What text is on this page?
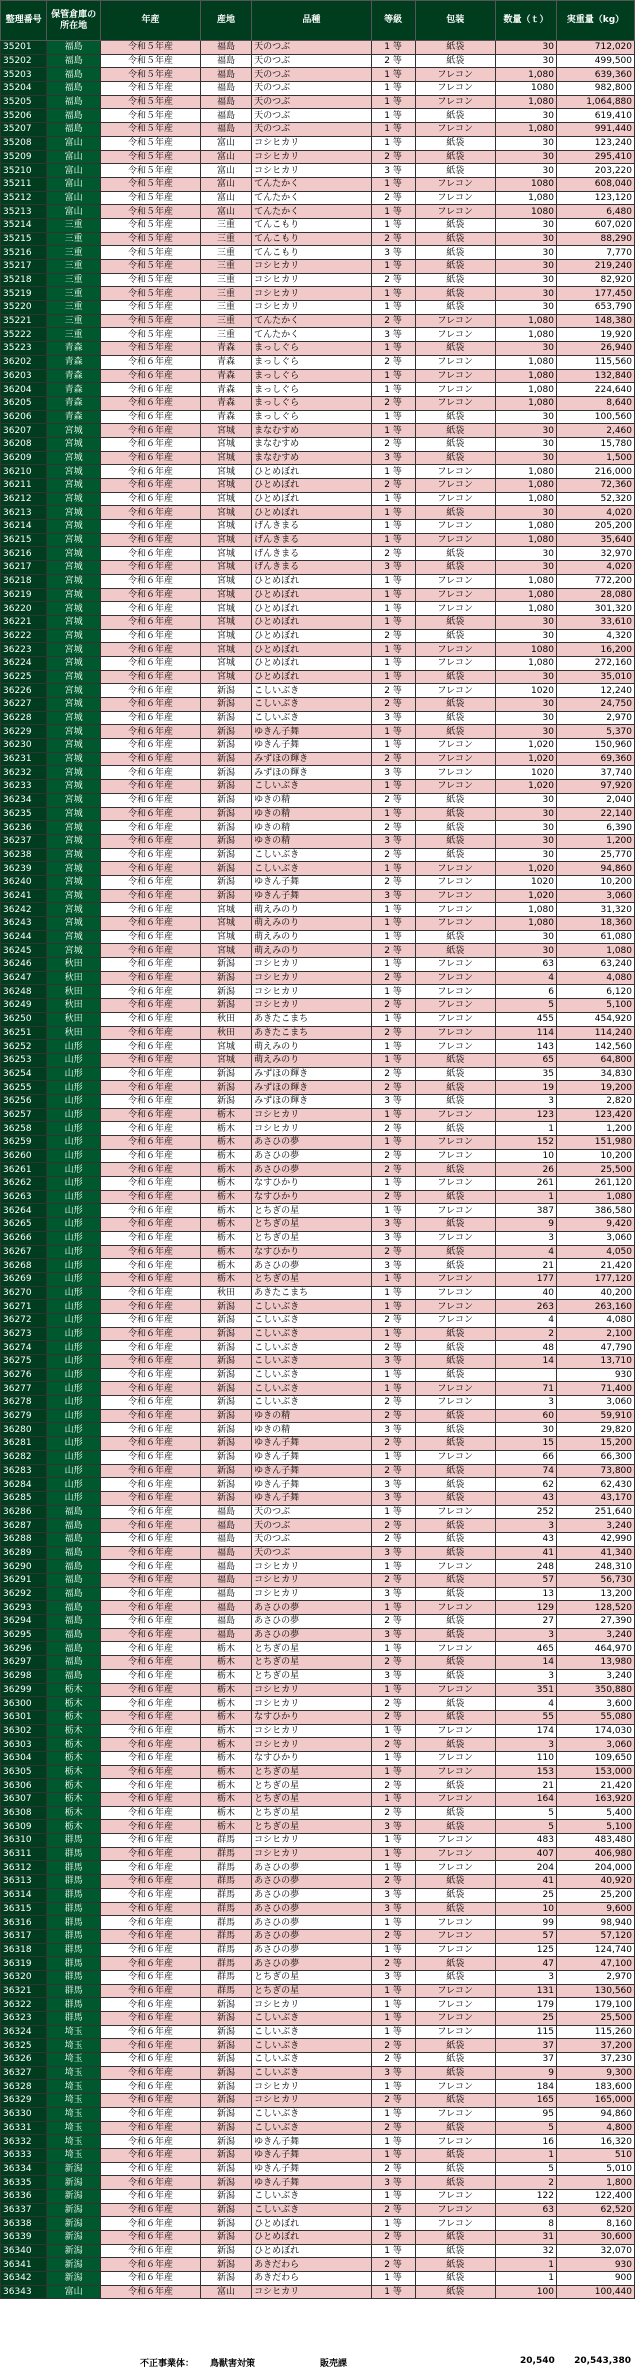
整理番号	保管倉庫の所在地	年産	産地	品種	等級	包装	数量（ｔ）	実重量（kg）
35201	福島	令和５年産	福島	天のつぶ	1 等	紙袋	30	712,020
35202	福島	令和５年産	福島	天のつぶ	2 等	紙袋	30	499,500
35203	福島	令和５年産	福島	天のつぶ	1 等	フレコン	1,080	639,360
35204	福島	令和５年産	福島	天のつぶ	1 等	フレコン	1080	982,800
35205	福島	令和５年産	福島	天のつぶ	1 等	フレコン	1,080	1,064,880
35206	福島	令和５年産	福島	天のつぶ	1 等	紙袋	30	619,410
35207	福島	令和５年産	福島	天のつぶ	1 等	フレコン	1,080	991,440
35208	富山	令和５年産	富山	コシヒカリ	1 等	紙袋	30	123,240
35209	富山	令和５年産	富山	コシヒカリ	2 等	紙袋	30	295,410
35210	富山	令和５年産	富山	コシヒカリ	3 等	紙袋	30	203,220
35211	富山	令和５年産	富山	てんたかく	1 等	フレコン	1080	608,040
35212	富山	令和５年産	富山	てんたかく	2 等	フレコン	1,080	123,120
35213	富山	令和５年産	富山	てんたかく	1 等	フレコン	1080	6,480
35214	三重	令和５年産	三重	てんこもり	1 等	紙袋	30	607,020
35215	三重	令和５年産	三重	てんこもり	2 等	紙袋	30	88,290
35216	三重	令和５年産	三重	てんこもり	3 等	紙袋	30	7,770
35217	三重	令和５年産	三重	コシヒカリ	1 等	紙袋	30	219,240
35218	三重	令和５年産	三重	コシヒカリ	2 等	紙袋	30	82,920
35219	三重	令和５年産	三重	コシヒカリ	1 等	紙袋	30	177,450
35220	三重	令和５年産	三重	コシヒカリ	1 等	紙袋	30	653,790
35221	三重	令和５年産	三重	てんたかく	2 等	フレコン	1,080	148,380
35222	三重	令和５年産	三重	てんたかく	3 等	フレコン	1,080	19,920
35223	青森	令和５年産	青森	まっしぐら	1 等	紙袋	30	26,940
36202	青森	令和６年産	青森	まっしぐら	2 等	フレコン	1,080	115,560
36203	青森	令和６年産	青森	まっしぐら	1 等	フレコン	1,080	132,840
36204	青森	令和６年産	青森	まっしぐら	1 等	フレコン	1,080	224,640
36205	青森	令和６年産	青森	まっしぐら	2 等	フレコン	1,080	8,640
36206	青森	令和６年産	青森	まっしぐら	1 等	紙袋	30	100,560
36207	宮城	令和６年産	宮城	まなむすめ	1 等	紙袋	30	2,460
36208	宮城	令和６年産	宮城	まなむすめ	2 等	紙袋	30	15,780
36209	宮城	令和６年産	宮城	まなむすめ	3 等	紙袋	30	1,500
36210	宮城	令和６年産	宮城	ひとめぼれ	1 等	フレコン	1,080	216,000
36211	宮城	令和６年産	宮城	ひとめぼれ	2 等	フレコン	1,080	72,360
36212	宮城	令和６年産	宮城	ひとめぼれ	1 等	フレコン	1,080	52,320
36213	宮城	令和６年産	宮城	ひとめぼれ	1 等	紙袋	30	4,020
36214	宮城	令和６年産	宮城	げんきまる	1 等	フレコン	1,080	205,200
36215	宮城	令和６年産	宮城	げんきまる	1 等	フレコン	1,080	35,640
36216	宮城	令和６年産	宮城	げんきまる	2 等	紙袋	30	32,970
36217	宮城	令和６年産	宮城	げんきまる	3 等	紙袋	30	4,020
36218	宮城	令和６年産	宮城	ひとめぼれ	1 等	フレコン	1,080	772,200
36219	宮城	令和６年産	宮城	ひとめぼれ	1 等	フレコン	1,080	28,080
36220	宮城	令和６年産	宮城	ひとめぼれ	1 等	フレコン	1,080	301,320
36221	宮城	令和６年産	宮城	ひとめぼれ	1 等	紙袋	30	33,610
36222	宮城	令和６年産	宮城	ひとめぼれ	2 等	紙袋	30	4,320
36223	宮城	令和６年産	宮城	ひとめぼれ	1 等	フレコン	1080	16,200
36224	宮城	令和６年産	宮城	ひとめぼれ	1 等	フレコン	1,080	272,160
36225	宮城	令和６年産	宮城	ひとめぼれ	1 等	紙袋	30	35,010
36226	宮城	令和６年産	新潟	こしいぶき	2 等	フレコン	1020	12,240
36227	宮城	令和６年産	新潟	こしいぶき	2 等	紙袋	30	24,750
36228	宮城	令和６年産	新潟	こしいぶき	3 等	紙袋	30	2,970
36229	宮城	令和６年産	新潟	ゆきん子舞	1 等	紙袋	30	5,370
36230	宮城	令和６年産	新潟	ゆきん子舞	1 等	フレコン	1,020	150,960
36231	宮城	令和６年産	新潟	みずほの輝き	2 等	フレコン	1,020	69,360
36232	宮城	令和６年産	新潟	みずほの輝き	3 等	フレコン	1020	37,740
36233	宮城	令和６年産	新潟	こしいぶき	1 等	フレコン	1,020	97,920
36234	宮城	令和６年産	新潟	ゆきの精	2 等	紙袋	30	2,040
36235	宮城	令和６年産	新潟	ゆきの精	1 等	紙袋	30	22,140
36236	宮城	令和６年産	新潟	ゆきの精	2 等	紙袋	30	6,390
36237	宮城	令和６年産	新潟	ゆきの精	3 等	紙袋	30	1,200
36238	宮城	令和６年産	新潟	こしいぶき	2 等	紙袋	30	25,770
36239	宮城	令和６年産	新潟	こしいぶき	1 等	フレコン	1,020	94,860
36240	宮城	令和６年産	新潟	ゆきん子舞	2 等	フレコン	1020	10,200
36241	宮城	令和６年産	新潟	ゆきん子舞	3 等	フレコン	1,020	3,060
36242	宮城	令和６年産	宮城	萌えみのり	1 等	フレコン	1,080	31,320
36243	宮城	令和６年産	宮城	萌えみのり	1 等	フレコン	1,080	18,360
36244	宮城	令和６年産	宮城	萌えみのり	1 等	紙袋	30	61,080
36245	宮城	令和６年産	宮城	萌えみのり	2 等	紙袋	30	1,080
36246	秋田	令和６年産	新潟	コシヒカリ	1 等	フレコン	63	63,240
36247	秋田	令和６年産	新潟	コシヒカリ	2 等	フレコン	4	4,080
36248	秋田	令和６年産	新潟	コシヒカリ	1 等	フレコン	6	6,120
36249	秋田	令和６年産	新潟	コシヒカリ	2 等	フレコン	5	5,100
36250	秋田	令和６年産	秋田	あきたこまち	1 等	フレコン	455	454,920
36251	秋田	令和６年産	秋田	あきたこまち	2 等	フレコン	114	114,240
36252	山形	令和６年産	宮城	萌えみのり	1 等	フレコン	143	142,560
36253	山形	令和６年産	宮城	萌えみのり	1 等	紙袋	65	64,800
36254	山形	令和６年産	新潟	みずほの輝き	2 等	紙袋	35	34,830
36255	山形	令和６年産	新潟	みずほの輝き	2 等	紙袋	19	19,200
36256	山形	令和６年産	新潟	みずほの輝き	3 等	紙袋	3	2,820
36257	山形	令和６年産	栃木	コシヒカリ	1 等	フレコン	123	123,420
36258	山形	令和６年産	栃木	コシヒカリ	2 等	紙袋	1	1,200
36259	山形	令和６年産	栃木	あさひの夢	1 等	フレコン	152	151,980
36260	山形	令和６年産	栃木	あさひの夢	2 等	フレコン	10	10,200
36261	山形	令和６年産	栃木	あさひの夢	2 等	紙袋	26	25,500
36262	山形	令和６年産	栃木	なすひかり	1 等	フレコン	261	261,120
36263	山形	令和６年産	栃木	なすひかり	2 等	紙袋	1	1,080
36264	山形	令和６年産	栃木	とちぎの星	1 等	フレコン	387	386,580
36265	山形	令和６年産	栃木	とちぎの星	3 等	紙袋	9	9,420
36266	山形	令和６年産	栃木	とちぎの星	3 等	フレコン	3	3,060
36267	山形	令和６年産	栃木	なすひかり	2 等	紙袋	4	4,050
36268	山形	令和６年産	栃木	あさひの夢	3 等	紙袋	21	21,420
36269	山形	令和６年産	栃木	とちぎの星	1 等	フレコン	177	177,120
36270	山形	令和６年産	秋田	あきたこまち	1 等	フレコン	40	40,200
36271	山形	令和６年産	新潟	こしいぶき	1 等	フレコン	263	263,160
36272	山形	令和６年産	新潟	こしいぶき	2 等	フレコン	4	4,080
36273	山形	令和６年産	新潟	こしいぶき	1 等	紙袋	2	2,100
36274	山形	令和６年産	新潟	こしいぶき	2 等	紙袋	48	47,790
36275	山形	令和６年産	新潟	こしいぶき	3 等	紙袋	14	13,710
36276	山形	令和６年産	新潟	こしいぶき	1 等	紙袋		930
36277	山形	令和６年産	新潟	こしいぶき	1 等	フレコン	71	71,400
36278	山形	令和６年産	新潟	こしいぶき	2 等	フレコン	3	3,060
36279	山形	令和６年産	新潟	ゆきの精	2 等	紙袋	60	59,910
36280	山形	令和６年産	新潟	ゆきの精	3 等	紙袋	30	29,820
36281	山形	令和６年産	新潟	ゆきん子舞	2 等	紙袋	15	15,200
36282	山形	令和６年産	新潟	ゆきん子舞	1 等	フレコン	66	66,300
36283	山形	令和６年産	新潟	ゆきん子舞	2 等	紙袋	74	73,800
36284	山形	令和６年産	新潟	ゆきん子舞	3 等	紙袋	62	62,430
36285	山形	令和６年産	新潟	ゆきん子舞	3 等	紙袋	43	43,170
36286	福島	令和６年産	福島	天のつぶ	1 等	フレコン	252	251,640
36287	福島	令和６年産	福島	天のつぶ	2 等	紙袋	3	3,240
36288	福島	令和６年産	福島	天のつぶ	2 等	紙袋	43	42,990
36289	福島	令和６年産	福島	天のつぶ	3 等	紙袋	41	41,340
36290	福島	令和６年産	福島	コシヒカリ	1 等	フレコン	248	248,310
36291	福島	令和６年産	福島	コシヒカリ	2 等	紙袋	57	56,730
36292	福島	令和６年産	福島	コシヒカリ	3 等	紙袋	13	13,200
36293	福島	令和６年産	福島	あさひの夢	1 等	フレコン	129	128,520
36294	福島	令和６年産	福島	あさひの夢	2 等	紙袋	27	27,390
36295	福島	令和６年産	福島	あさひの夢	3 等	紙袋	3	3,240
36296	福島	令和６年産	栃木	とちぎの星	1 等	フレコン	465	464,970
36297	福島	令和６年産	栃木	とちぎの星	2 等	紙袋	14	13,980
36298	福島	令和６年産	栃木	とちぎの星	3 等	紙袋	3	3,240
36299	栃木	令和６年産	栃木	コシヒカリ	1 等	フレコン	351	350,880
36300	栃木	令和６年産	栃木	コシヒカリ	2 等	紙袋	4	3,600
36301	栃木	令和６年産	栃木	なすひかり	2 等	紙袋	55	55,080
36302	栃木	令和６年産	栃木	コシヒカリ	1 等	フレコン	174	174,030
36303	栃木	令和６年産	栃木	コシヒカリ	2 等	紙袋	3	3,060
36304	栃木	令和６年産	栃木	なすひかり	1 等	フレコン	110	109,650
36305	栃木	令和６年産	栃木	とちぎの星	1 等	フレコン	153	153,000
36306	栃木	令和６年産	栃木	とちぎの星	2 等	紙袋	21	21,420
36307	栃木	令和６年産	栃木	とちぎの星	1 等	フレコン	164	163,920
36308	栃木	令和６年産	栃木	とちぎの星	2 等	紙袋	5	5,400
36309	栃木	令和６年産	栃木	とちぎの星	3 等	紙袋	5	5,100
36310	群馬	令和６年産	群馬	コシヒカリ	1 等	フレコン	483	483,480
36311	群馬	令和６年産	群馬	コシヒカリ	1 等	フレコン	407	406,980
36312	群馬	令和６年産	群馬	あさひの夢	1 等	フレコン	204	204,000
36313	群馬	令和６年産	群馬	あさひの夢	2 等	紙袋	41	40,920
36314	群馬	令和６年産	群馬	あさひの夢	3 等	紙袋	25	25,200
36315	群馬	令和６年産	群馬	あさひの夢	3 等	紙袋	10	9,600
36316	群馬	令和６年産	群馬	あさひの夢	1 等	フレコン	99	98,940
36317	群馬	令和６年産	群馬	あさひの夢	2 等	フレコン	57	57,120
36318	群馬	令和６年産	群馬	あさひの夢	1 等	フレコン	125	124,740
36319	群馬	令和６年産	群馬	あさひの夢	2 等	紙袋	47	47,100
36320	群馬	令和６年産	群馬	とちぎの星	3 等	紙袋	3	2,970
36321	群馬	令和６年産	群馬	とちぎの星	1 等	フレコン	131	130,560
36322	群馬	令和６年産	新潟	コシヒカリ	1 等	フレコン	179	179,100
36323	群馬	令和６年産	新潟	こしいぶき	1 等	フレコン	25	25,500
36324	埼玉	令和６年産	新潟	こしいぶき	1 等	フレコン	115	115,260
36325	埼玉	令和６年産	新潟	こしいぶき	2 等	紙袋	37	37,200
36326	埼玉	令和６年産	新潟	こしいぶき	2 等	紙袋	37	37,230
36327	埼玉	令和６年産	新潟	こしいぶき	3 等	紙袋	9	9,300
36328	埼玉	令和６年産	新潟	コシヒカリ	1 等	フレコン	184	183,600
36329	埼玉	令和６年産	新潟	コシヒカリ	2 等	紙袋	165	165,000
36330	埼玉	令和６年産	新潟	こしいぶき	1 等	フレコン	95	94,860
36331	埼玉	令和６年産	新潟	こしいぶき	2 等	紙袋	5	4,800
36332	埼玉	令和６年産	新潟	ゆきん子舞	1 等	フレコン	16	16,320
36333	埼玉	令和６年産	新潟	ゆきん子舞	1 等	紙袋	1	510
36334	新潟	令和６年産	新潟	ゆきん子舞	2 等	紙袋	5	5,010
36335	新潟	令和６年産	新潟	ゆきん子舞	3 等	紙袋	2	1,800
36336	新潟	令和６年産	新潟	こしいぶき	1 等	フレコン	122	122,400
36337	新潟	令和６年産	新潟	こしいぶき	2 等	フレコン	63	62,520
36338	新潟	令和６年産	新潟	ひとめぼれ	1 等	フレコン	8	8,160
36339	新潟	令和６年産	新潟	ひとめぼれ	2 等	紙袋	31	30,600
36340	新潟	令和６年産	新潟	ひとめぼれ	1 等	紙袋	32	32,070
36341	新潟	令和６年産	新潟	あきだわら	2 等	紙袋	1	930
36342	新潟	令和６年産	新潟	あきだわら	1 等	紙袋	1	900
36343	富山	令和６年産	富山	コシヒカリ	1 等	紙袋	100	100,440
不正事業体： 鳥獣害対策	販売課	20,540 20,543,380
